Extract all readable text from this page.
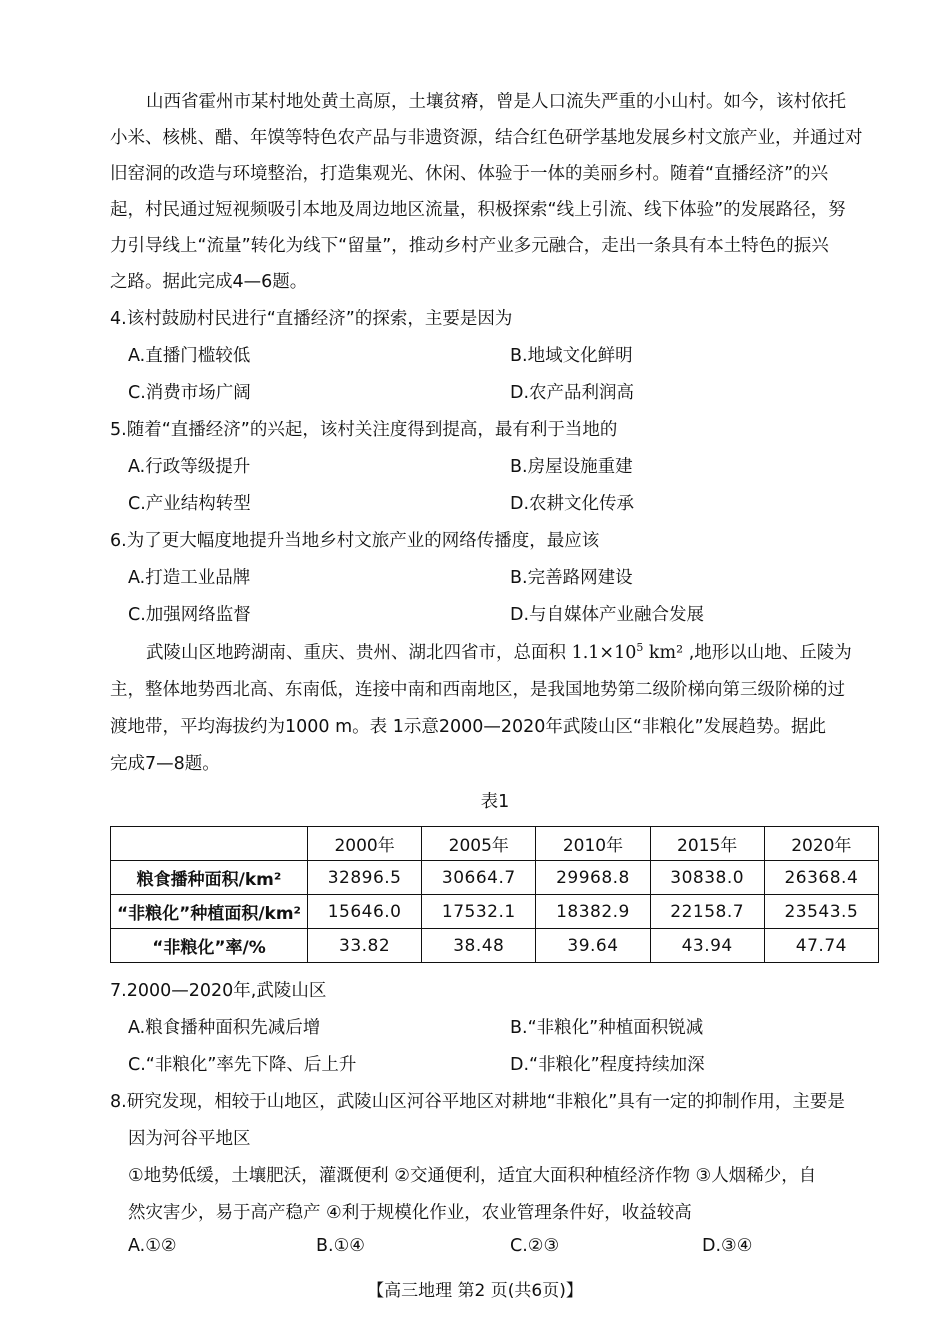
山西省霍州市某村地处黄土高原，土壤贫瘠，曾是人口流失严重的小山村。如今，该村依托
小米、核桃、醋、年馍等特色农产品与非遗资源，结合红色研学基地发展乡村文旅产业，并通过对
旧窑洞的改造与环境整治，打造集观光、休闲、体验于一体的美丽乡村。随着“直播经济”的兴
起，村民通过短视频吸引本地及周边地区流量，积极探索“线上引流、线下体验”的发展路径，努
力引导线上“流量”转化为线下“留量”，推动乡村产业多元融合，走出一条具有本土特色的振兴
之路。据此完成4—6题。
4.该村鼓励村民进行“直播经济”的探索，主要是因为
A.直播门槛较低	B.地域文化鲜明
C.消费市场广阔	D.农产品利润高
5.随着“直播经济”的兴起，该村关注度得到提高，最有利于当地的
A.行政等级提升	B.房屋设施重建
C.产业结构转型	D.农耕文化传承
6.为了更大幅度地提升当地乡村文旅产业的网络传播度，最应该
A.打造工业品牌	B.完善路网建设
C.加强网络监督	D.与自媒体产业融合发展
武陵山区地跨湖南、重庆、贵州、湖北四省市，总面积 $1.1\times 10^5$ km² ,地形以山地、丘陵为
主，整体地势西北高、东南低，连接中南和西南地区，是我国地势第二级阶梯向第三级阶梯的过
渡地带，平均海拔约为1000 m。表 1示意2000—2020年武陵山区“非粮化”发展趋势。据此
完成7—8题。
表1
	2000年	2005年	2010年	2015年	2020年
粮食播种面积/km²	32896.5	30664.7	29968.8	30838.0	26368.4
“非粮化”种植面积/km²	15646.0	17532.1	18382.9	22158.7	23543.5
“非粮化”率/%	33.82	38.48	39.64	43.94	47.74
7.2000—2020年,武陵山区
A.粮食播种面积先减后增	B.“非粮化”种植面积锐减
C.“非粮化”率先下降、后上升	D.“非粮化”程度持续加深
8.研究发现，相较于山地区，武陵山区河谷平地区对耕地“非粮化”具有一定的抑制作用，主要是
因为河谷平地区
①地势低缓，土壤肥沃，灌溉便利 ②交通便利，适宜大面积种植经济作物 ③人烟稀少，自
然灾害少，易于高产稳产 ④利于规模化作业，农业管理条件好，收益较高
A.①②	B.①④	C.②③	D.③④
【高三地理 第2 页(共6页)】
